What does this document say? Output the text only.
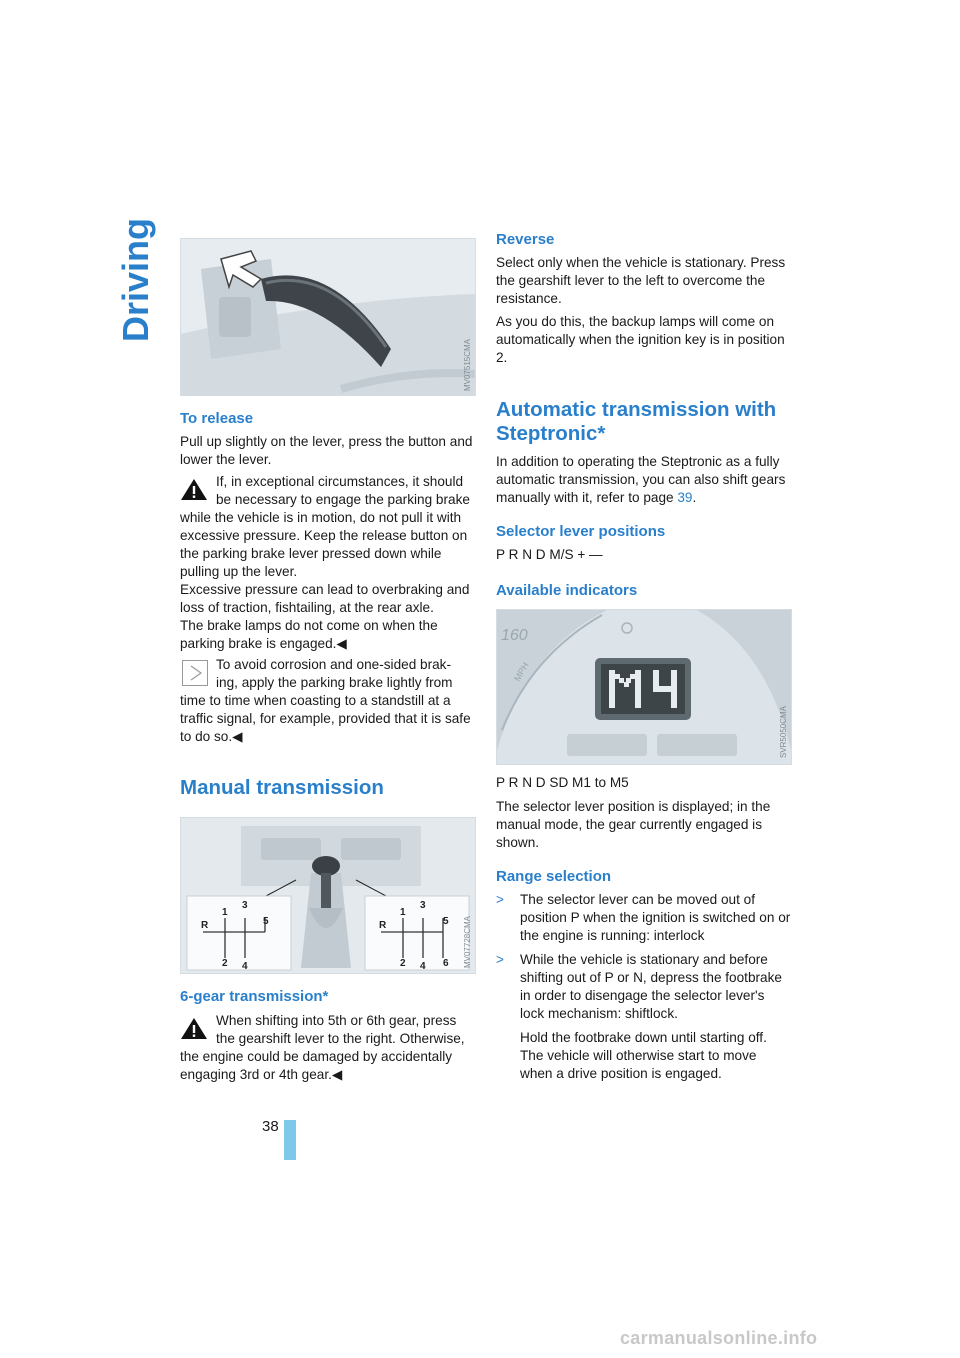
Driving
MV07515CMA
To release
Pull up slightly on the lever, press the button and lower the lever.

If, in exceptional circumstances, it should

be necessary to engage the parking brake

while the vehicle is in motion, do not pull it with

excessive pressure. Keep the release button on

the parking brake lever pressed down while

pulling up the lever.

Excessive pressure can lead to overbraking and

loss of traction, fishtailing, at the rear axle.

The brake lamps do not come on when the

parking brake is engaged.◀

To avoid corrosion and one-sided brak-

ing, apply the parking brake lightly from

time to time when coasting to a standstill at a

traffic signal, for example, provided that it is safe

to do so.◀

Manual transmission
R
1
3
5
2 4
R
1
3
5
2 4 6 MV07728CMA
6-gear transmission*

When shifting into 5th or 6th gear, press

the gearshift lever to the right. Otherwise,

the engine could be damaged by accidentally

engaging 3rd or 4th gear.◀

38
Reverse
Select only when the vehicle is stationary. Press the gearshift lever to the left to overcome the resistance.
As you do this, the backup lamps will come on automatically when the ignition key is in position 2.
Automatic transmission with
Steptronic*
In addition to operating the Steptronic as a fully automatic transmission, you can also shift gears manually with it, refer to page 39.
Selector lever positions
P R N D M/S + —
Available indicators
160
MPH
SVR5050CMA
P R N D SD M1 to M5
The selector lever position is displayed; in the manual mode, the gear currently engaged is shown.
Range selection
> The selector lever can be moved out of position P when the ignition is switched on or the engine is running: interlock
> While the vehicle is stationary and before shifting out of P or N, depress the footbrake in order to disengage the selector lever's lock mechanism: shiftlock.
Hold the footbrake down until starting off. The vehicle will otherwise start to move when a drive position is engaged.
carmanualsonline.info
